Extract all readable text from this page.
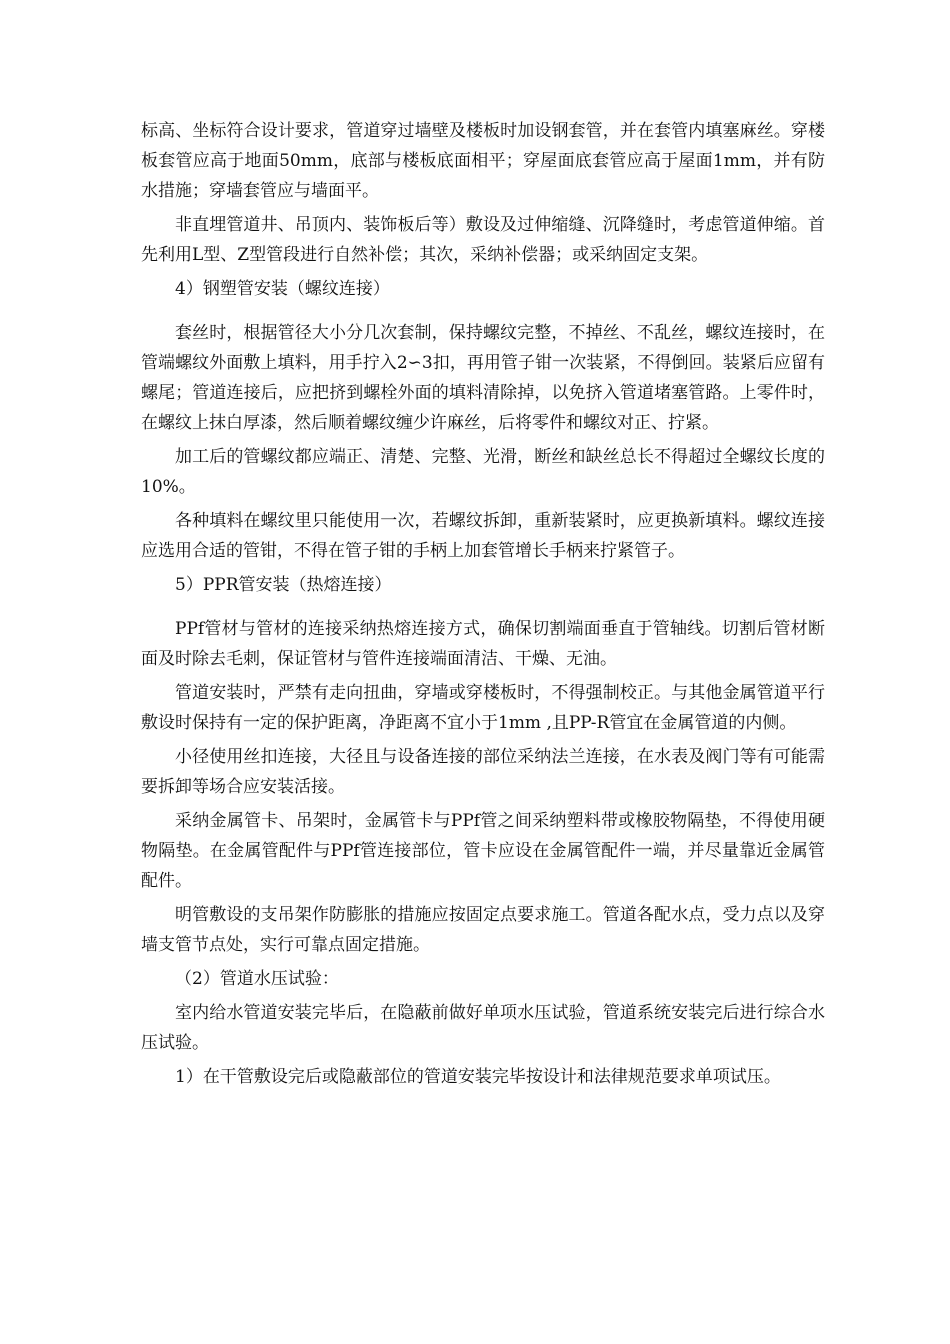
标高、坐标符合设计要求，管道穿过墙壁及楼板时加设钢套管，并在套管内填塞麻丝。穿楼板套管应高于地面50mm，底部与楼板底面相平；穿屋面底套管应高于屋面1mm，并有防水措施；穿墙套管应与墙面平。

非直埋管道井、吊顶内、装饰板后等）敷设及过伸缩缝、沉降缝时，考虑管道伸缩。首先利用L型、Z型管段进行自然补偿；其次，采纳补偿器；或采纳固定支架。

4）钢塑管安装（螺纹连接）

套丝时，根据管径大小分几次套制，保持螺纹完整，不掉丝、不乱丝，螺纹连接时，在管端螺纹外面敷上填料，用手拧入2∽3扣，再用管子钳一次装紧，不得倒回。装紧后应留有螺尾；管道连接后，应把挤到螺栓外面的填料清除掉，以免挤入管道堵塞管路。上零件时，在螺纹上抹白厚漆，然后顺着螺纹缠少许麻丝，后将零件和螺纹对正、拧紧。

加工后的管螺纹都应端正、清楚、完整、光滑，断丝和缺丝总长不得超过全螺纹长度的10%。

各种填料在螺纹里只能使用一次，若螺纹拆卸，重新装紧时，应更换新填料。螺纹连接应选用合适的管钳，不得在管子钳的手柄上加套管增长手柄来拧紧管子。

5）PPR管安装（热熔连接）

PPf管材与管材的连接采纳热熔连接方式，确保切割端面垂直于管轴线。切割后管材断面及时除去毛刺，保证管材与管件连接端面清洁、干燥、无油。

管道安装时，严禁有走向扭曲，穿墙或穿楼板时，不得强制校正。与其他金属管道平行敷设时保持有一定的保护距离，净距离不宜小于1mm ,且PP-R管宜在金属管道的内侧。

小径使用丝扣连接，大径且与设备连接的部位采纳法兰连接，在水表及阀门等有可能需要拆卸等场合应安装活接。

采纳金属管卡、吊架时，金属管卡与PPf管之间采纳塑料带或橡胶物隔垫，不得使用硬物隔垫。在金属管配件与PPf管连接部位，管卡应设在金属管配件一端，并尽量靠近金属管配件。

明管敷设的支吊架作防膨胀的措施应按固定点要求施工。管道各配水点，受力点以及穿墙支管节点处，实行可靠点固定措施。

（2）管道水压试验：

室内给水管道安装完毕后，在隐蔽前做好单项水压试验，管道系统安装完后进行综合水压试验。

1）在干管敷设完后或隐蔽部位的管道安装完毕按设计和法律规范要求单项试压。
